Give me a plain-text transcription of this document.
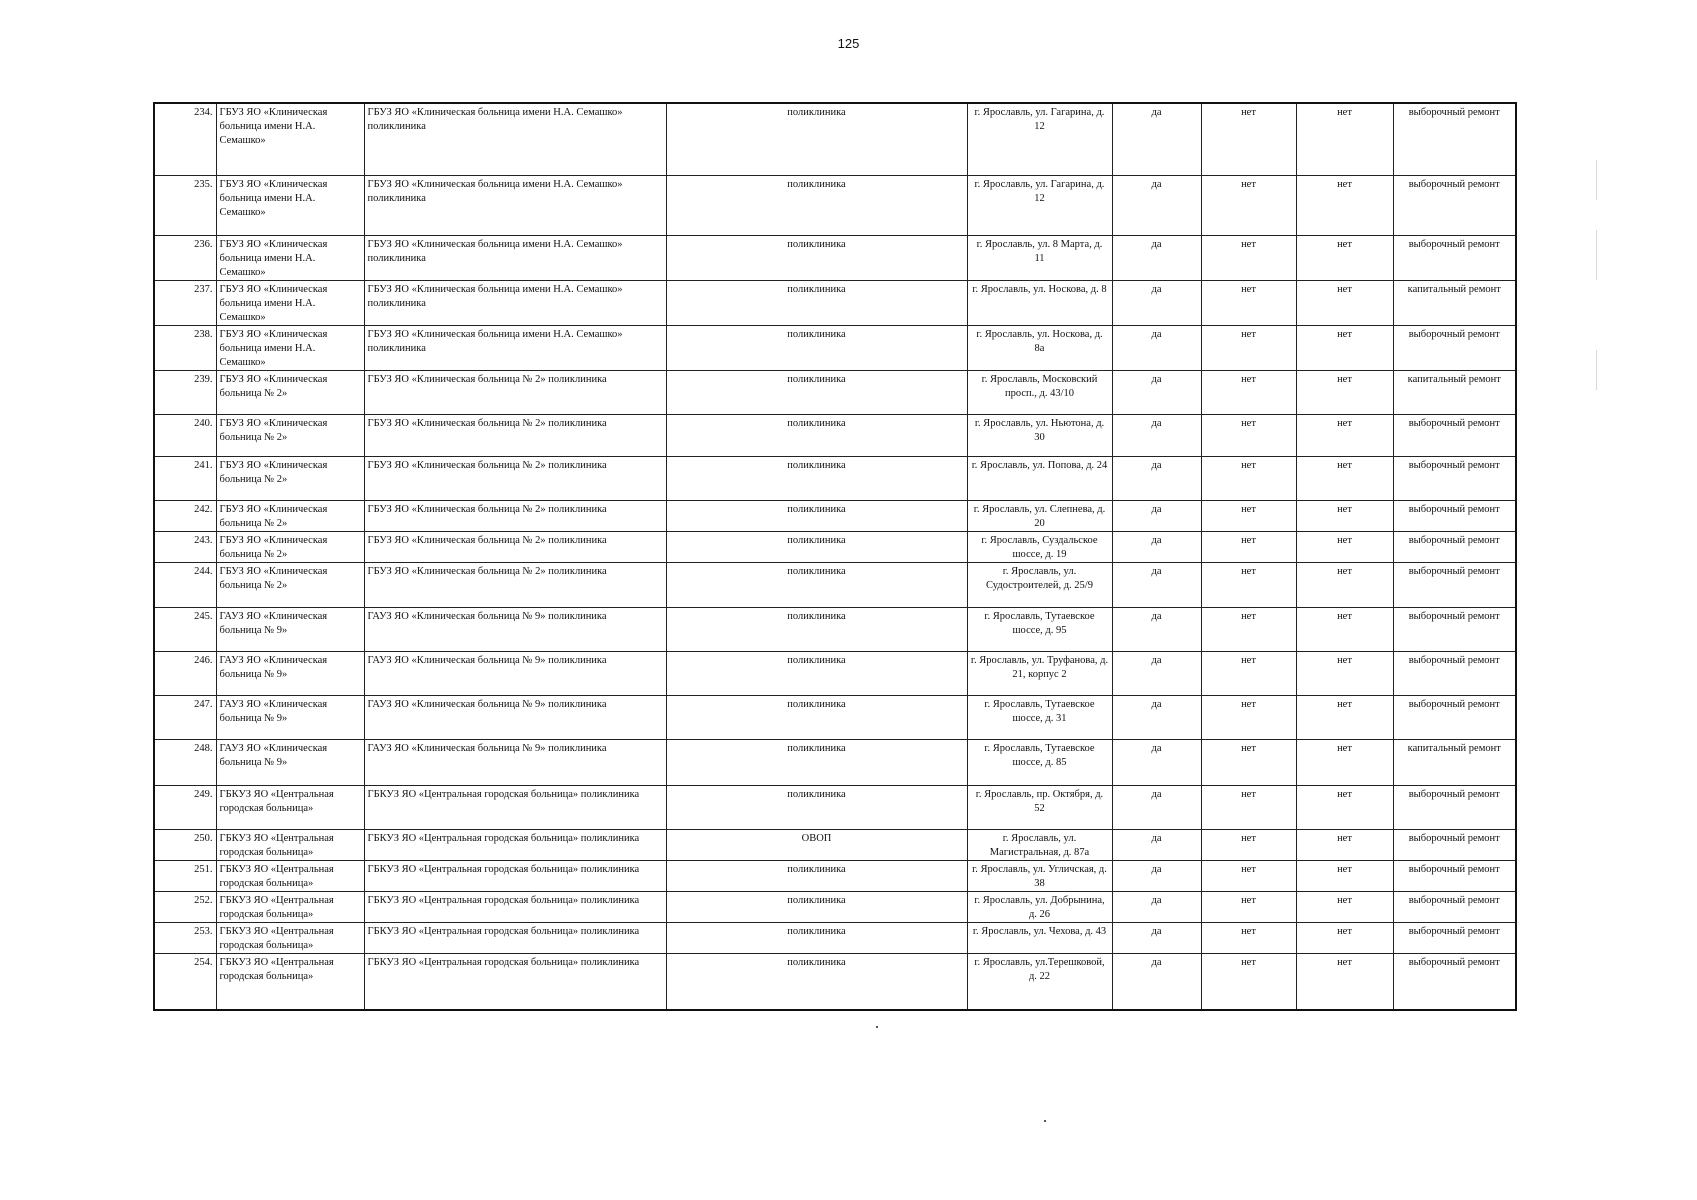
125
234.	ГБУЗ ЯО «Клиническая больница имени Н.А. Семашко»	ГБУЗ ЯО «Клиническая больница имени Н.А. Семашко» поликлиника	поликлиника	г. Ярославль, ул. Гагарина, д. 12	да	нет	нет	выборочный ремонт
235.	ГБУЗ ЯО «Клиническая больница имени Н.А. Семашко»	ГБУЗ ЯО «Клиническая больница имени Н.А. Семашко» поликлиника	поликлиника	г. Ярославль, ул. Гагарина, д. 12	да	нет	нет	выборочный ремонт
236.	ГБУЗ ЯО «Клиническая больница имени Н.А. Семашко»	ГБУЗ ЯО «Клиническая больница имени Н.А. Семашко» поликлиника	поликлиника	г. Ярославль, ул. 8 Марта, д. 11	да	нет	нет	выборочный ремонт
237.	ГБУЗ ЯО «Клиническая больница имени Н.А. Семашко»	ГБУЗ ЯО «Клиническая больница имени Н.А. Семашко» поликлиника	поликлиника	г. Ярославль, ул. Носкова, д. 8	да	нет	нет	капитальный ремонт
238.	ГБУЗ ЯО «Клиническая больница имени Н.А. Семашко»	ГБУЗ ЯО «Клиническая больница имени Н.А. Семашко» поликлиника	поликлиника	г. Ярославль, ул. Носкова, д. 8а	да	нет	нет	выборочный ремонт
239.	ГБУЗ ЯО «Клиническая больница № 2»	ГБУЗ ЯО «Клиническая больница № 2» поликлиника	поликлиника	г. Ярославль, Московский просп., д. 43/10	да	нет	нет	капитальный ремонт
240.	ГБУЗ ЯО «Клиническая больница № 2»	ГБУЗ ЯО «Клиническая больница № 2» поликлиника	поликлиника	г. Ярославль, ул. Ньютона, д. 30	да	нет	нет	выборочный ремонт
241.	ГБУЗ ЯО «Клиническая больница № 2»	ГБУЗ ЯО «Клиническая больница № 2» поликлиника	поликлиника	г. Ярославль, ул. Попова, д. 24	да	нет	нет	выборочный ремонт
242.	ГБУЗ ЯО «Клиническая больница № 2»	ГБУЗ ЯО «Клиническая больница № 2» поликлиника	поликлиника	г. Ярославль, ул. Слепнева, д. 20	да	нет	нет	выборочный ремонт
243.	ГБУЗ ЯО «Клиническая больница № 2»	ГБУЗ ЯО «Клиническая больница № 2» поликлиника	поликлиника	г. Ярославль, Суздальское шоссе, д. 19	да	нет	нет	выборочный ремонт
244.	ГБУЗ ЯО «Клиническая больница № 2»	ГБУЗ ЯО «Клиническая больница № 2» поликлиника	поликлиника	г. Ярославль, ул. Судостроителей, д. 25/9	да	нет	нет	выборочный ремонт
245.	ГАУЗ ЯО «Клиническая больница № 9»	ГАУЗ ЯО «Клиническая больница № 9» поликлиника	поликлиника	г. Ярославль, Тутаевское шоссе, д. 95	да	нет	нет	выборочный ремонт
246.	ГАУЗ ЯО «Клиническая больница № 9»	ГАУЗ ЯО «Клиническая больница № 9» поликлиника	поликлиника	г. Ярославль, ул. Труфанова, д. 21, корпус 2	да	нет	нет	выборочный ремонт
247.	ГАУЗ ЯО «Клиническая больница № 9»	ГАУЗ ЯО «Клиническая больница № 9» поликлиника	поликлиника	г. Ярославль, Тутаевское шоссе, д. 31	да	нет	нет	выборочный ремонт
248.	ГАУЗ ЯО «Клиническая больница № 9»	ГАУЗ ЯО «Клиническая больница № 9» поликлиника	поликлиника	г. Ярославль, Тутаевское шоссе, д. 85	да	нет	нет	капитальный ремонт
249.	ГБКУЗ ЯО «Центральная городская больница»	ГБКУЗ ЯО «Центральная городская больница» поликлиника	поликлиника	г. Ярославль, пр. Октября, д. 52	да	нет	нет	выборочный ремонт
250.	ГБКУЗ ЯО «Центральная городская больница»	ГБКУЗ ЯО «Центральная городская больница» поликлиника	ОВОП	г. Ярославль, ул. Магистральная, д. 87а	да	нет	нет	выборочный ремонт
251.	ГБКУЗ ЯО «Центральная городская больница»	ГБКУЗ ЯО «Центральная городская больница» поликлиника	поликлиника	г. Ярославль, ул. Угличская, д. 38	да	нет	нет	выборочный ремонт
252.	ГБКУЗ ЯО «Центральная городская больница»	ГБКУЗ ЯО «Центральная городская больница» поликлиника	поликлиника	г. Ярославль, ул. Добрынина, д. 26	да	нет	нет	выборочный ремонт
253.	ГБКУЗ ЯО «Центральная городская больница»	ГБКУЗ ЯО «Центральная городская больница» поликлиника	поликлиника	г. Ярославль, ул. Чехова, д. 43	да	нет	нет	выборочный ремонт
254.	ГБКУЗ ЯО «Центральная городская больница»	ГБКУЗ ЯО «Центральная городская больница» поликлиника	поликлиника	г. Ярославль, ул.Терешковой, д. 22	да	нет	нет	выборочный ремонт
